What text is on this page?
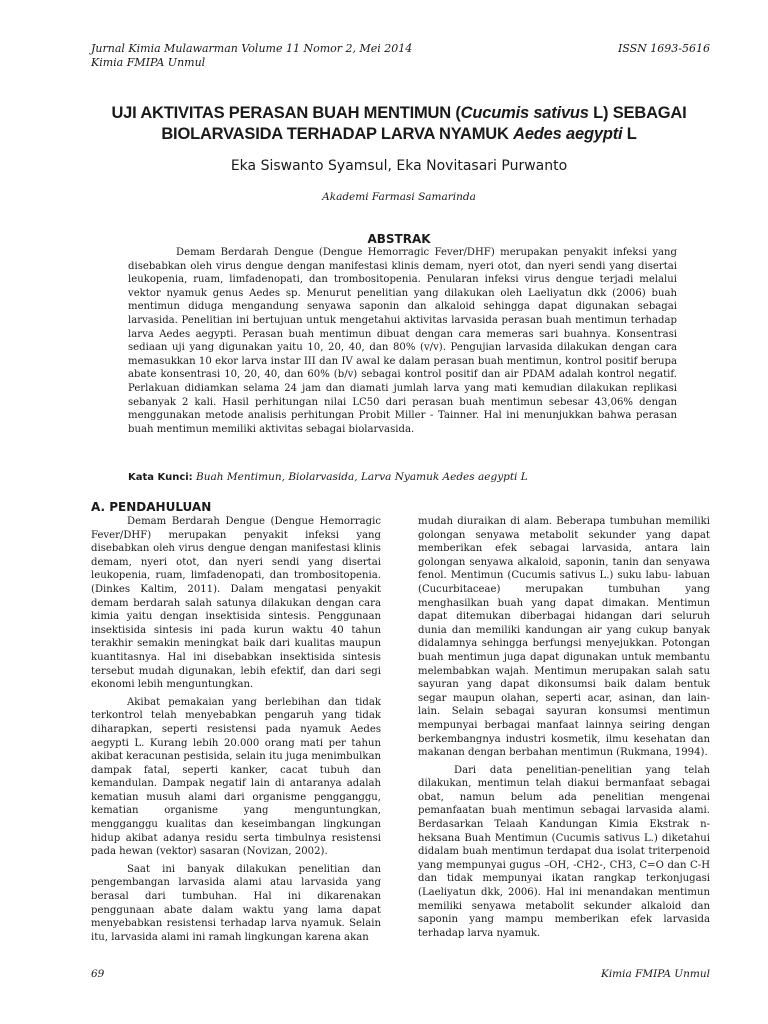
Jurnal Kimia Mulawarman Volume 11 Nomor 2, Mei 2014
Kimia FMIPA Unmul
ISSN 1693-5616
UJI AKTIVITAS PERASAN BUAH MENTIMUN (Cucumis sativus L) SEBAGAI BIOLARVASIDA TERHADAP LARVA NYAMUK Aedes aegypti L
Eka Siswanto Syamsul, Eka Novitasari Purwanto
Akademi Farmasi Samarinda
ABSTRAK

Demam Berdarah Dengue (Dengue Hemorragic Fever/DHF) merupakan penyakit infeksi yang disebabkan oleh virus dengue dengan manifestasi klinis demam, nyeri otot, dan nyeri sendi yang disertai leukopenia, ruam, limfadenopati, dan trombositopenia. Penularan infeksi virus dengue terjadi melalui vektor nyamuk genus Aedes sp. Menurut penelitian yang dilakukan oleh Laeliyatun dkk (2006) buah mentimun diduga mengandung senyawa saponin dan alkaloid sehingga dapat digunakan sebagai larvasida. Penelitian ini bertujuan untuk mengetahui aktivitas larvasida perasan buah mentimun terhadap larva Aedes aegypti. Perasan buah mentimun dibuat dengan cara memeras sari buahnya. Konsentrasi sediaan uji yang digunakan yaitu 10, 20, 40, dan 80% (v/v). Pengujian larvasida dilakukan dengan cara memasukkan 10 ekor larva instar III dan IV awal ke dalam perasan buah mentimun, kontrol positif berupa abate konsentrasi 10, 20, 40, dan 60% (b/v) sebagai kontrol positif dan air PDAM adalah kontrol negatif. Perlakuan didiamkan selama 24 jam dan diamati jumlah larva yang mati kemudian dilakukan replikasi sebanyak 2 kali. Hasil perhitungan nilai LC50 dari perasan buah mentimun sebesar 43,06% dengan menggunakan metode analisis perhitungan Probit Miller - Tainner. Hal ini menunjukkan bahwa perasan buah mentimun memiliki aktivitas sebagai biolarvasida.

Kata Kunci: Buah Mentimun, Biolarvasida, Larva Nyamuk Aedes aegypti L
A. PENDAHULUAN

Demam Berdarah Dengue (Dengue Hemorragic Fever/DHF) merupakan penyakit infeksi yang disebabkan oleh virus dengue dengan manifestasi klinis demam, nyeri otot, dan nyeri sendi yang disertai leukopenia, ruam, limfadenopati, dan trombositopenia. (Dinkes Kaltim, 2011). Dalam mengatasi penyakit demam berdarah salah satunya dilakukan dengan cara kimia yaitu dengan insektisida sintesis. Penggunaan insektisida sintesis ini pada kurun waktu 40 tahun terakhir semakin meningkat baik dari kualitas maupun kuantitasnya. Hal ini disebabkan insektisida sintesis tersebut mudah digunakan, lebih efektif, dan dari segi ekonomi lebih menguntungkan.

Akibat pemakaian yang berlebihan dan tidak terkontrol telah menyebabkan pengaruh yang tidak diharapkan, seperti resistensi pada nyamuk Aedes aegypti L. Kurang lebih 20.000 orang mati per tahun akibat keracunan pestisida, selain itu juga menimbulkan dampak fatal, seperti kanker, cacat tubuh dan kemandulan. Dampak negatif lain di antaranya adalah kematian musuh alami dari organisme pengganggu, kematian organisme yang menguntungkan, mengganggu kualitas dan keseimbangan lingkungan hidup akibat adanya residu serta timbulnya resistensi pada hewan (vektor) sasaran (Novizan, 2002).

Saat ini banyak dilakukan penelitian dan pengembangan larvasida alami atau larvasida yang berasal dari tumbuhan. Hal ini dikarenakan penggunaan abate dalam waktu yang lama dapat menyebabkan resistensi terhadap larva nyamuk. Selain itu, larvasida alami ini ramah lingkungan karena akan

mudah diuraikan di alam. Beberapa tumbuhan memiliki golongan senyawa metabolit sekunder yang dapat memberikan efek sebagai larvasida, antara lain golongan senyawa alkaloid, saponin, tanin dan senyawa fenol. Mentimun (Cucumis sativus L.) suku labu- labuan (Cucurbitaceae) merupakan tumbuhan yang menghasilkan buah yang dapat dimakan. Mentimun dapat ditemukan diberbagai hidangan dari seluruh dunia dan memiliki kandungan air yang cukup banyak didalamnya sehingga berfungsi menyejukkan. Potongan buah mentimun juga dapat digunakan untuk membantu melembabkan wajah. Mentimun merupakan salah satu sayuran yang dapat dikonsumsi baik dalam bentuk segar maupun olahan, seperti acar, asinan, dan lain- lain. Selain sebagai sayuran konsumsi mentimun mempunyai berbagai manfaat lainnya seiring dengan berkembangnya industri kosmetik, ilmu kesehatan dan makanan dengan berbahan mentimun (Rukmana, 1994).

Dari data penelitian-penelitian yang telah dilakukan, mentimun telah diakui bermanfaat sebagai obat, namun belum ada penelitian mengenai pemanfaatan buah mentimun sebagai larvasida alami. Berdasarkan Telaah Kandungan Kimia Ekstrak n-heksana Buah Mentimun (Cucumis sativus L.) diketahui didalam buah mentimun terdapat dua isolat triterpenoid yang mempunyai gugus –OH, -CH2-, CH3, C=O dan C-H dan tidak mempunyai ikatan rangkap terkonjugasi (Laeliyatun dkk, 2006). Hal ini menandakan mentimun memiliki senyawa metabolit sekunder alkaloid dan saponin yang mampu memberikan efek larvasida terhadap larva nyamuk.

69	Kimia FMIPA Unmul
